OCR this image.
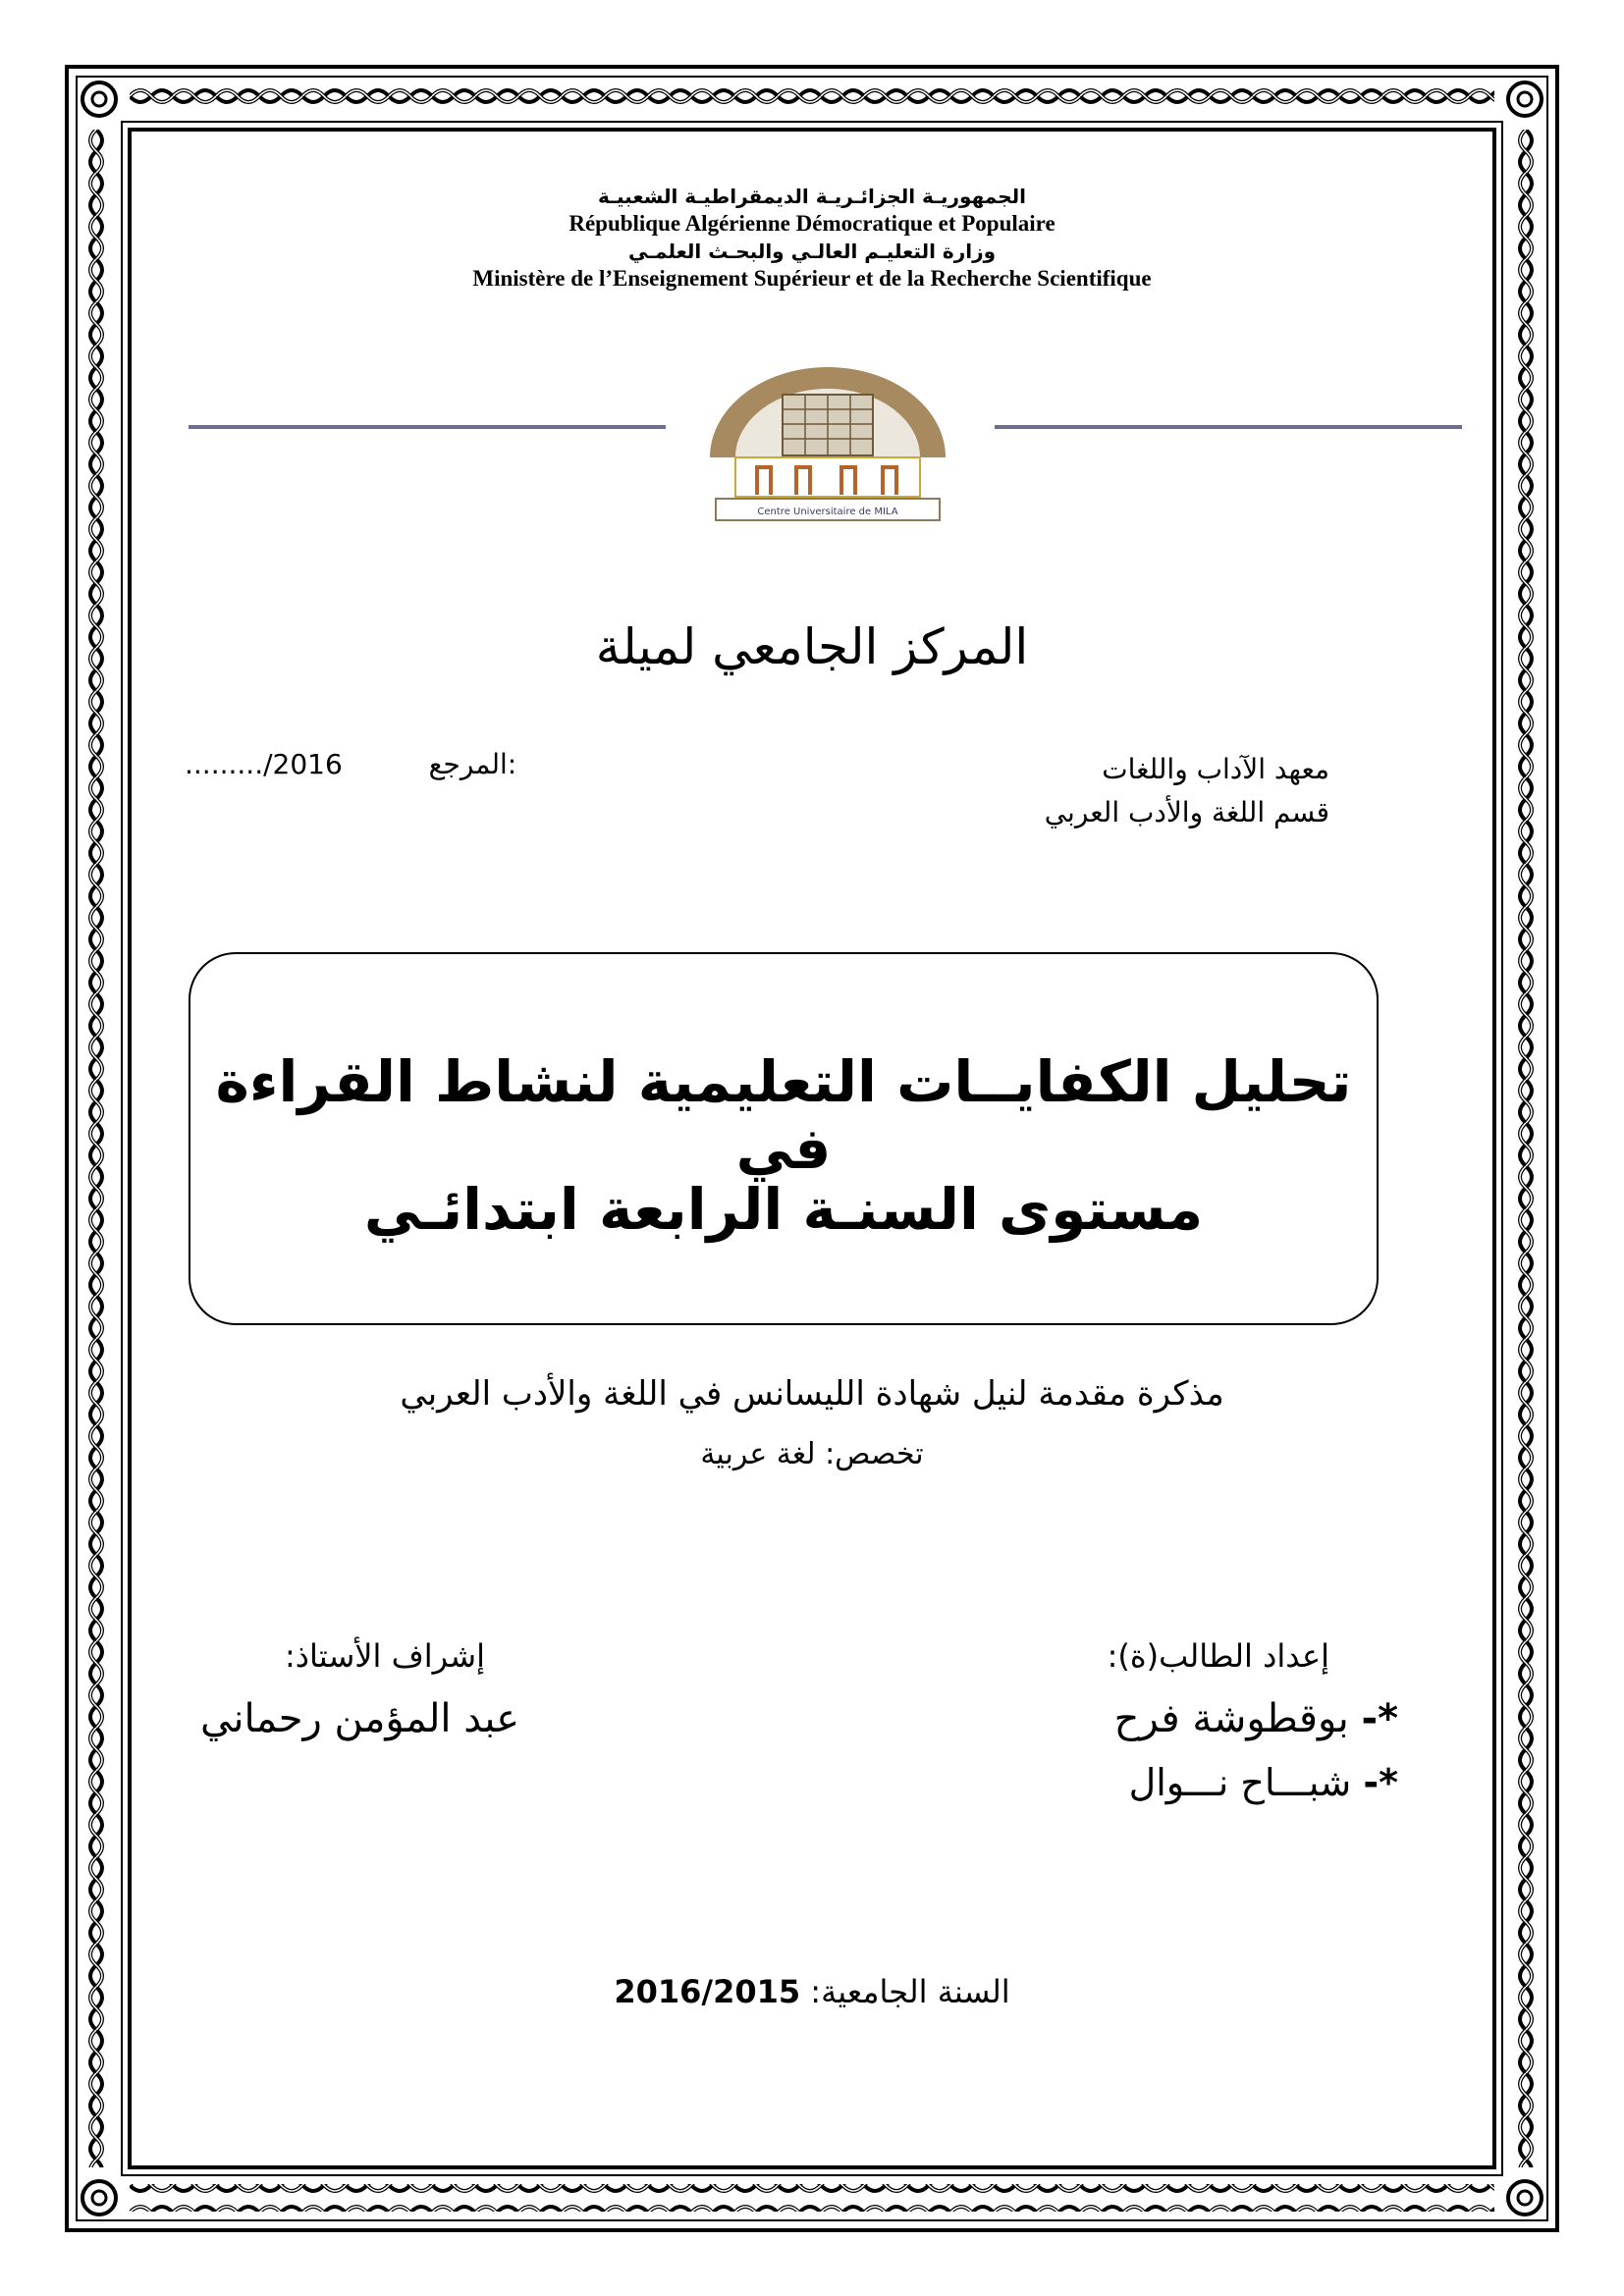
الجمهوريـة الجزائـريـة الديمقراطيـة الشعبيـة
République Algérienne Démocratique et Populaire
وزارة التعليـم العالـي والبحـث العلمـي
Ministère de l’Enseignement Supérieur et de la Recherche Scientifique
Centre Universitaire de MILA
المركز الجامعي لميلة
معهد الآداب واللغات
قسم اللغة والأدب العربي
........./2016	المرجع:
تحليل الكفايــات التعليمية لنشاط القراءة في
مستوى السنـة الرابعة ابتدائـي
مذكرة مقدمة لنيل شهادة الليسانس في اللغة والأدب العربي
تخصص: لغة عربية
إعداد الطالب(ة):
*- بوقطوشة فرح
*- شبـــاح نـــوال
إشراف الأستاذ:
عبد المؤمن رحماني
السنة الجامعية: 2016/2015
